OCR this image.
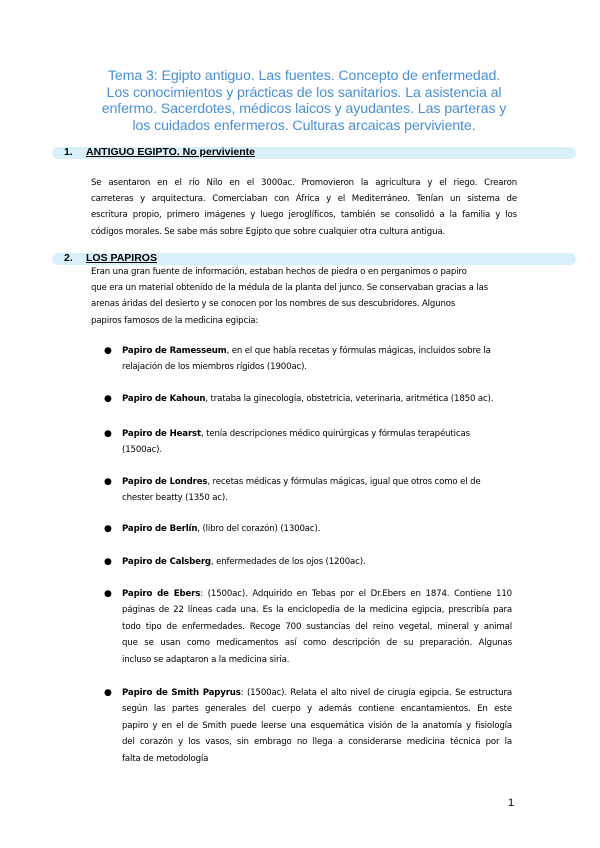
Tema 3: Egipto antiguo. Las fuentes. Concepto de enfermedad.
Los conocimientos y prácticas de los sanitarios. La asistencia al
enfermo. Sacerdotes, médicos laicos y ayudantes. Las parteras y
los cuidados enfermeros. Culturas arcaicas perviviente.
1. ANTIGUO EGIPTO. No perviviente
Se asentaron en el río Nilo en el 3000ac. Promovieron la agricultura y el riego. Crearon
carreteras y arquitectura. Comerciaban con África y el Mediterráneo. Tenían un sistema de
escritura propio, primero imágenes y luego jeroglíficos, también se consolidó a la familia y los
códigos morales. Se sabe más sobre Egipto que sobre cualquier otra cultura antigua.
2. LOS PAPIROS
Eran una gran fuente de información, estaban hechos de piedra o en perganimos o papiro
que era un material obtenido de la médula de la planta del junco. Se conservaban gracias a las
arenas áridas del desierto y se conocen por los nombres de sus descubridores. Algunos
papiros famosos de la medicina egipcia:
● Papiro de Ramesseum, en el que había recetas y fórmulas mágicas, incluidos sobre la
relajación de los miembros rígidos (1900ac).
● Papiro de Kahoun, trataba la ginecología, obstetricia, veterinaria, aritmética (1850 ac).
● Papiro de Hearst, tenía descripciones médico quirúrgicas y fórmulas terapéuticas
(1500ac).
● Papiro de Londres, recetas médicas y fórmulas mágicas, igual que otros como el de
chester beatty (1350 ac).
● Papiro de Berlín, (libro del corazón) (1300ac).
● Papiro de Calsberg, enfermedades de los ojos (1200ac).
● Papiro de Ebers: (1500ac). Adquirido en Tebas por el Dr.Ebers en 1874. Contiene 110
páginas de 22 líneas cada una. Es la enciclopedia de la medicina egipcia, prescribía para
todo tipo de enfermedades. Recoge 700 sustancias del reino vegetal, mineral y animal
que se usan como medicamentos así como descripción de su preparación. Algunas
incluso se adaptaron a la medicina siria.
● Papiro de Smith Papyrus: (1500ac). Relata el alto nivel de cirugía egipcia. Se estructura
según las partes generales del cuerpo y además contiene encantamientos. En este
papiro y en el de Smith puede leerse una esquemática visión de la anatomía y fisiología
del corazón y los vasos, sin embrago no llega a considerarse medicina técnica por la
falta de metodología
1
